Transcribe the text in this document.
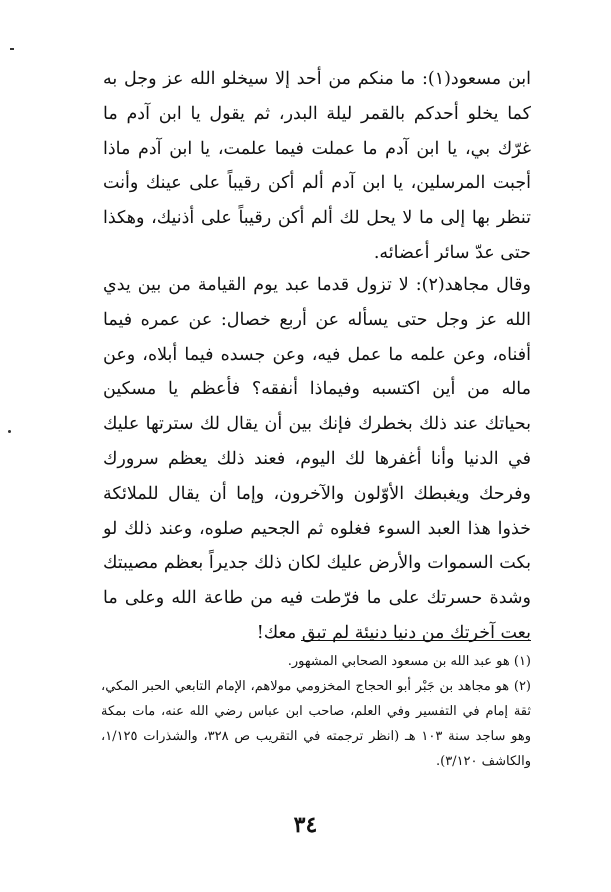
ابن مسعود(١): ما منكم من أحد إلا سيخلو الله عز وجل به كما يخلو أحدكم بالقمر ليلة البدر، ثم يقول يا ابن آدم ما غرّك بي، يا ابن آدم ما عملت فيما علمت، يا ابن آدم ماذا أجبت المرسلين، يا ابن آدم ألم أكن رقيباً على عينك وأنت تنظر بها إلى ما لا يحل لك ألم أكن رقيباً على أذنيك، وهكذا حتى عدّ سائر أعضائه.

وقال مجاهد(٢): لا تزول قدما عبد يوم القيامة من بين يدي الله عز وجل حتى يسأله عن أربع خصال: عن عمره فيما أفناه، وعن علمه ما عمل فيه، وعن جسده فيما أبلاه، وعن ماله من أين اكتسبه وفيماذا أنفقه؟ فأعظم يا مسكين بحياتك عند ذلك بخطرك فإنك بين أن يقال لك سترتها عليك في الدنيا وأنا أغفرها لك اليوم، فعند ذلك يعظم سرورك وفرحك ويغبطك الأوّلون والآخرون، وإما أن يقال للملائكة خذوا هذا العبد السوء فغلوه ثم الجحيم صلوه، وعند ذلك لو بكت السموات والأرض عليك لكان ذلك جديراً بعظم مصيبتك وشدة حسرتك على ما فرّطت فيه من طاعة الله وعلى ما بعت آخرتك من دنيا دنيئة لم تبق معك!

(١) هو عبد الله بن مسعود الصحابي المشهور.

(٢) هو مجاهد بن جَبْر أبو الحجاج المخزومي مولاهم، الإمام التابعي الحبر المكي، ثقة إمام في التفسير وفي العلم، صاحب ابن عباس رضي الله عنه، مات بمكة وهو ساجد سنة ١٠٣ هـ (انظر ترجمته في التقريب ص ٣٢٨، والشذرات ١/١٢٥، والكاشف ٣/١٢٠).

٣٤
